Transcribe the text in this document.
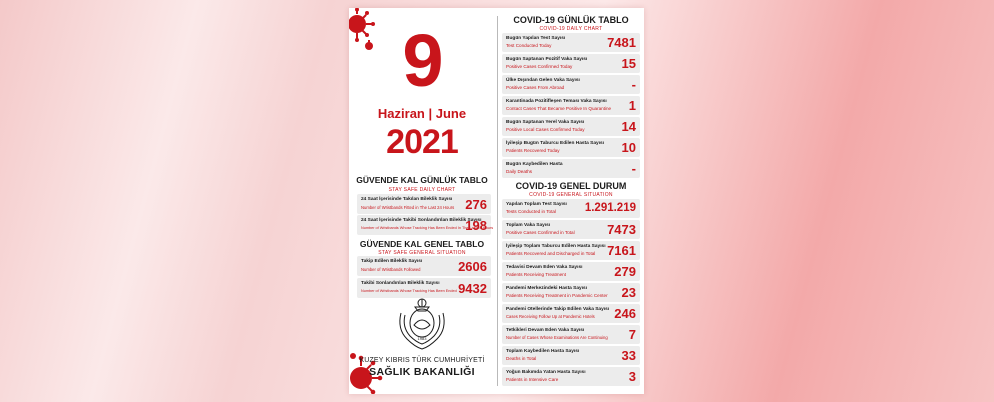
9
Haziran | June
2021
GÜVENDE KAL GÜNLÜK TABLO
STAY SAFE DAILY CHART
24 Saat İçerisinde Takılan Bileklik Sayısı
Number of Wristbands Fitted in The Last 24 Hours 276
24 Saat İçerisinde Takibi Sonlandırılan Bileklik Sayısı
Number of Wristbands Whose Tracking Has Been Ended In The Last 24 Hours
198
GÜVENDE KAL GENEL TABLO
STAY SAFE GENERAL SITUATION
Takip Edilen Bileklik Sayısı
Number of Wristbands Followed	2606
Takibi Sonlandırılan Bileklik Sayısı
Number of Wristbands Whose Tracking Has Been Ended 9432
1983
KUZEY KIBRIS TÜRK CUMHURİYETİ
SAĞLIK BAKANLIĞI
COVID-19 GÜNLÜK TABLO
COVID-19 DAILY CHART
Bugün Yapılan Test Sayısı
Test Conducted Today	7481
Bugün Saptanan Pozitif Vaka Sayısı
Positive Cases Confirmed Today	15
Ülke Dışından Gelen Vaka Sayısı
Positive Cases From Abroad	-
Karantinada Pozitifleşen Teması Vaka Sayısı
Contact Cases That Became Positive In Quarantine 1
Bugün Saptanan Yerel Vaka Sayısı
Positive Local Cases Confirmed Today	14
İyileşip Bugün Taburcu Edilen Hasta Sayısı
Patients Recovered Today	10
Bugün Kaybedilen Hasta
Daily Deaths	-
COVID-19 GENEL DURUM
COVID-19 GENERAL SITUATION
Yapılan Toplam Test Sayısı
Tests Conducted in Total	1.291.219
Toplam Vaka Sayısı
Positive Cases Confirmed in Total 7473
İyileşip Toplam Taburcu Edilen Hasta Sayısı
Patients Recovered and Discharged in Total 7161
Tedavisi Devam Eden Vaka Sayısı
Patients Receiving Treatment	279
Pandemi Merkezindeki Hasta Sayısı
Patients Receiving Treatment in Pandemic Center 23
Pandemi Otellerinde Takip Edilen Vaka Sayısı
Cases Receiving Follow Up at Pandemic Hotels 246
Tetkikleri Devam Eden Vaka Sayısı
Number of Cases Whose Examinations Are Continuing 7
Toplam Kaybedilen Hasta Sayısı
Deaths in Total	33
Yoğun Bakımda Yatan Hasta Sayısı
Patients in Intensive Care	3
